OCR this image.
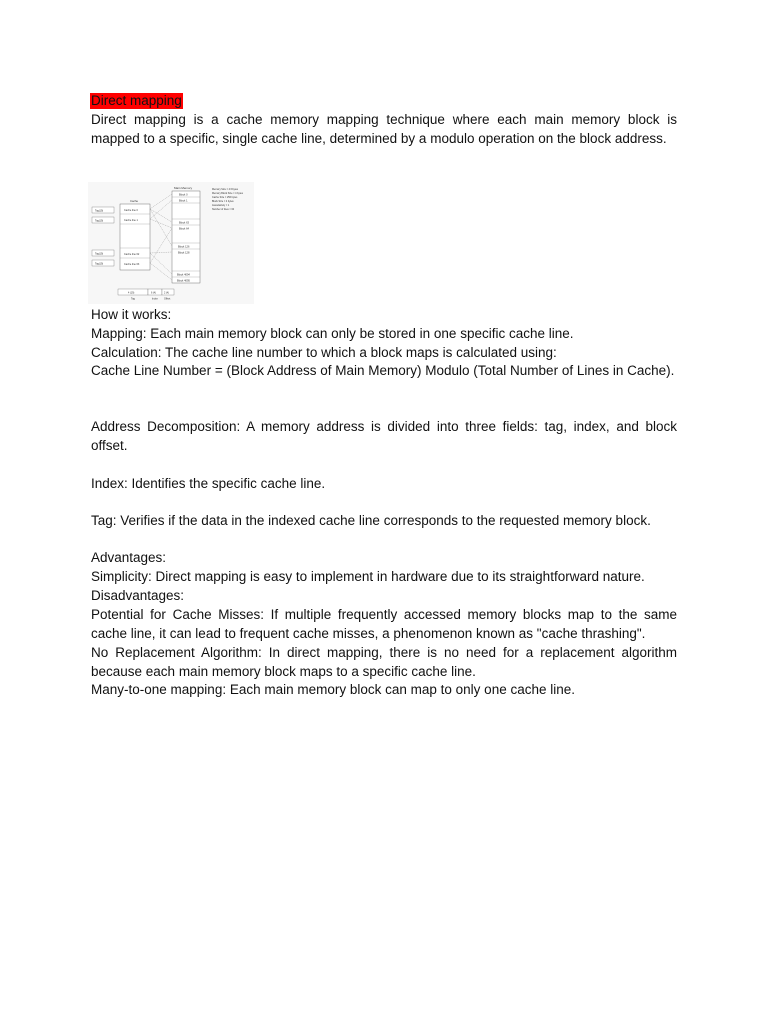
Direct mapping

Direct mapping is a cache memory mapping technique where each main memory block is mapped to a specific, single cache line, determined by a modulo operation on the block address.

Main Memory
Block 0
Block 1
Block 63
Block 64
Block 126
Block 128
Block 4094
Block 4095
Memory Size = 4 Kbytes
Memory Block Size = 4 bytes
Cache Size = 256 bytes
Block Size = 4 bytes
Associativity = 1
Number of lines = 64
Cache
Cache line 0
Cache line 1
Cache line 62
Cache line 63
Tag(19)
Tag(19)
Tag(19)
Tag(19)
4 (19)	6 (4)	2 (4)
Tag	Index	Offset

How it works:

Mapping: Each main memory block can only be stored in one specific cache line.

Calculation: The cache line number to which a block maps is calculated using:

Cache Line Number = (Block Address of Main Memory) Modulo (Total Number of Lines in Cache).

Address Decomposition: A memory address is divided into three fields: tag, index, and block offset.

Index: Identifies the specific cache line.

Tag: Verifies if the data in the indexed cache line corresponds to the requested memory block.

Advantages:

Simplicity: Direct mapping is easy to implement in hardware due to its straightforward nature.

Disadvantages:

Potential for Cache Misses: If multiple frequently accessed memory blocks map to the same cache line, it can lead to frequent cache misses, a phenomenon known as "cache thrashing".

No Replacement Algorithm: In direct mapping, there is no need for a replacement algorithm because each main memory block maps to a specific cache line.

Many-to-one mapping: Each main memory block can map to only one cache line.
